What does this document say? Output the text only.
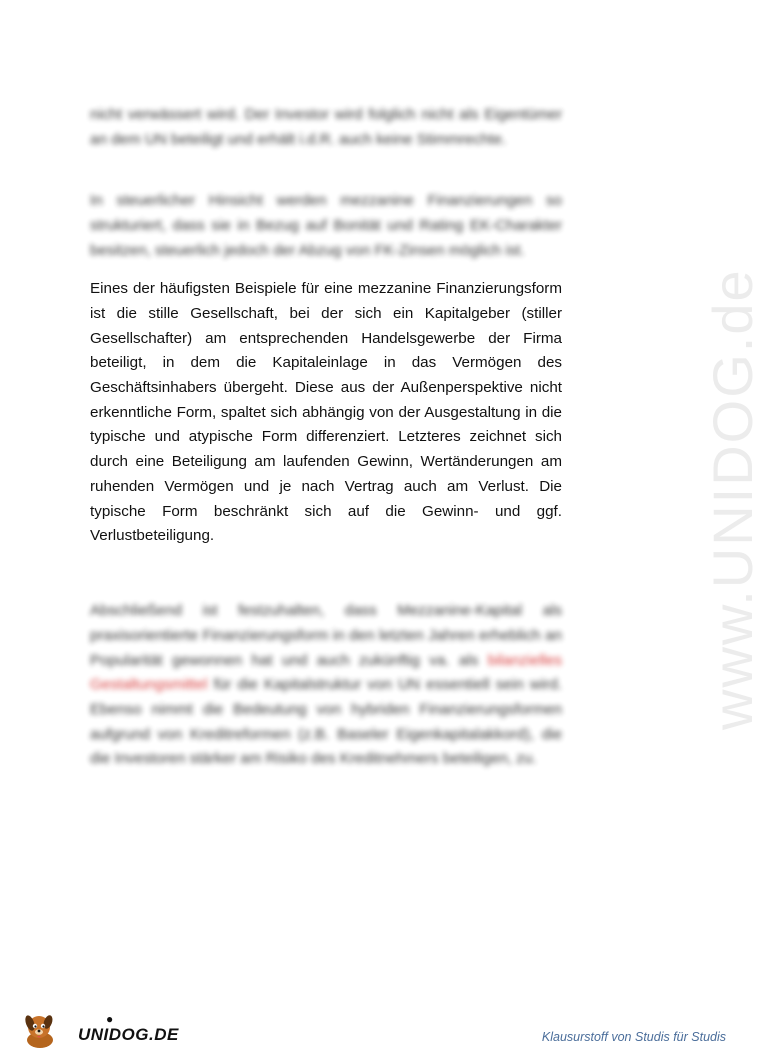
www.UNIDOG.de

nicht verwässert wird. Der Investor wird folglich nicht als Eigentümer an dem UN beteiligt und erhält i.d.R. auch keine Stimmrechte.

In steuerlicher Hinsicht werden mezzanine Finanzierungen so strukturiert, dass sie in Bezug auf Bonität und Rating EK-Charakter besitzen, steuerlich jedoch der Abzug von FK-Zinsen möglich ist.

Eines der häufigsten Beispiele für eine mezzanine Finanzierungsform ist die stille Gesellschaft, bei der sich ein Kapitalgeber (stiller Gesellschafter) am entsprechenden Handelsgewerbe der Firma beteiligt, in dem die Kapitaleinlage in das Vermögen des Geschäftsinhabers übergeht. Diese aus der Außenperspektive nicht erkenntliche Form, spaltet sich abhängig von der Ausgestaltung in die typische und atypische Form differenziert. Letzteres zeichnet sich durch eine Beteiligung am laufenden Gewinn, Wertänderungen am ruhenden Vermögen und je nach Vertrag auch am Verlust. Die typische Form beschränkt sich auf die Gewinn- und ggf. Verlustbeteiligung.

Abschließend ist festzuhalten, dass Mezzanine-Kapital als praxisorientierte Finanzierungsform in den letzten Jahren erheblich an Popularität gewonnen hat und auch zukünftig va. als bilanzielles Gestaltungsmittel für die Kapitalstruktur von UN essentiell sein wird. Ebenso nimmt die Bedeutung von hybriden Finanzierungsformen aufgrund von Kreditreformen (z.B. Baseler Eigenkapitalakkord), die die Investoren stärker am Risiko des Kreditnehmers beteiligen, zu.

●
UNIDOG.DE	Klausurstoff von Studis für Studis
